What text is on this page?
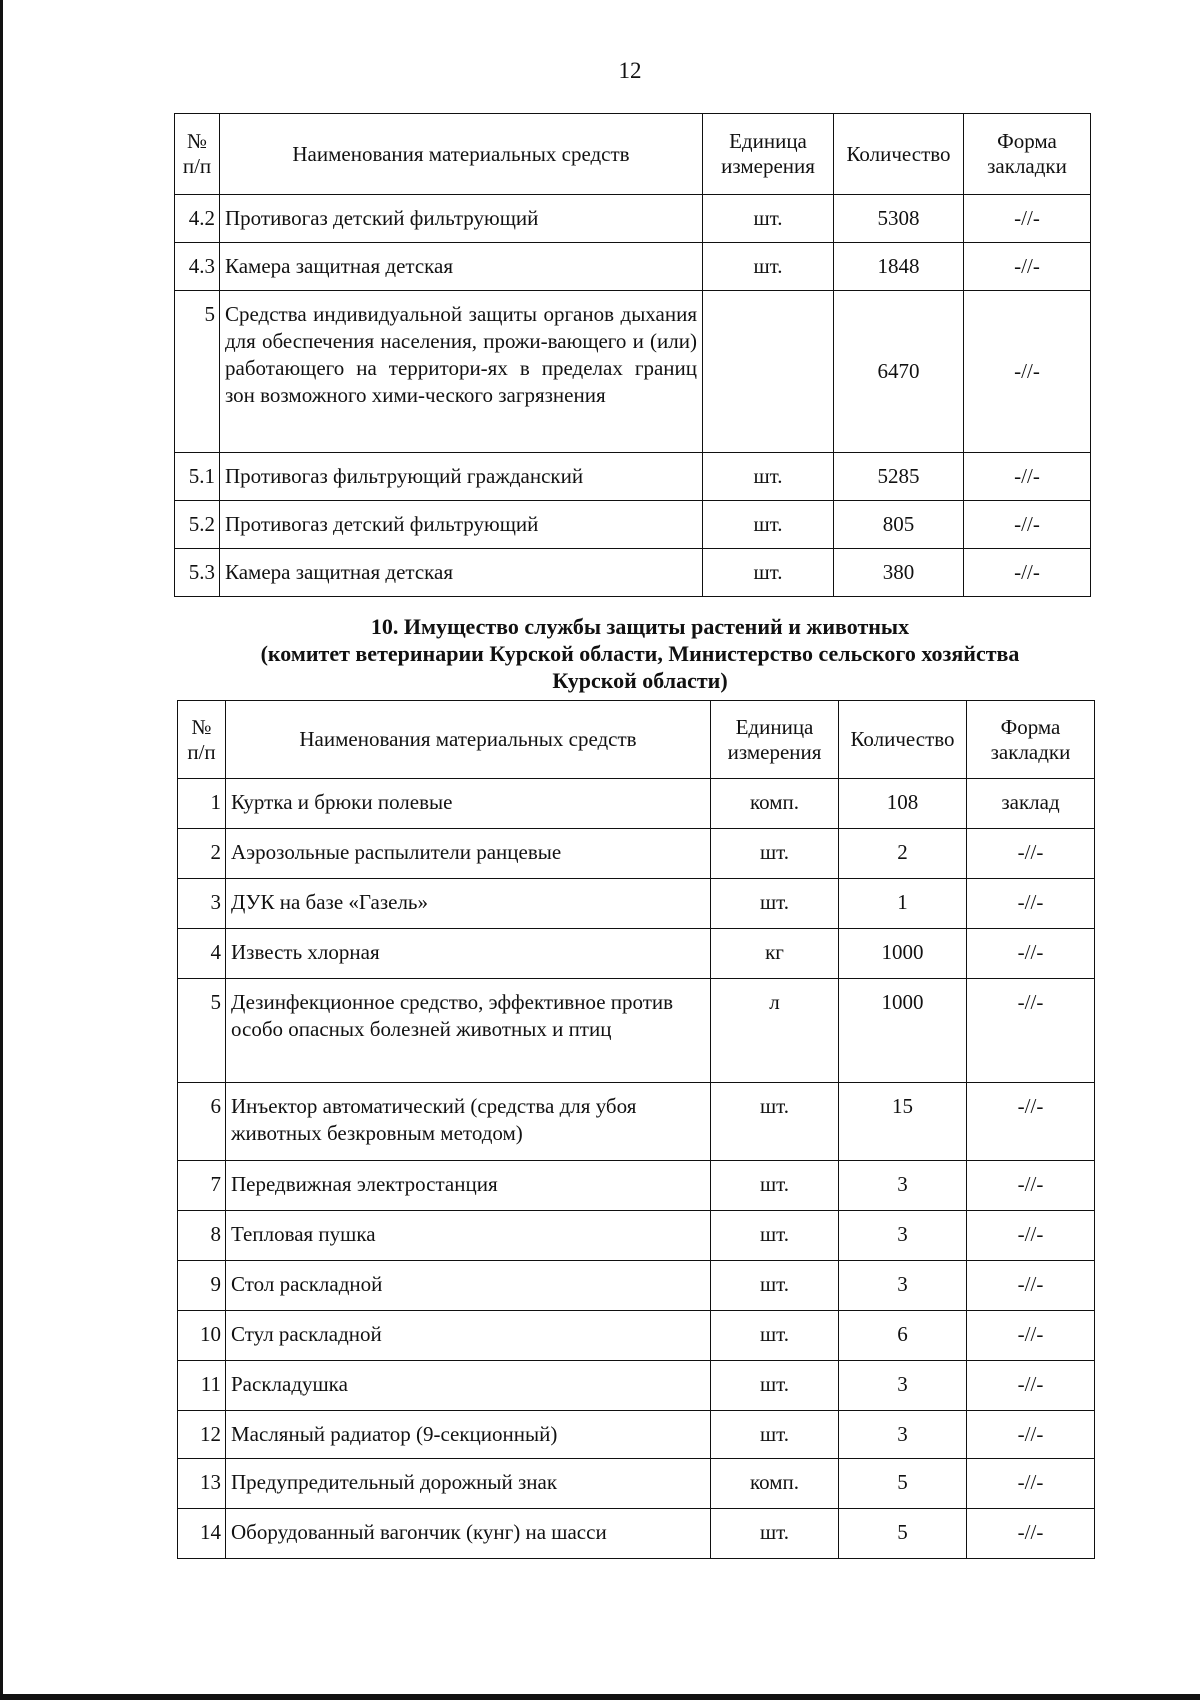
12
№ п/п	Наименования материальных средств	Единица измерения	Количество	Форма закладки
4.2	Противогаз детский фильтрующий	шт.	5308	-//-
4.3	Камера защитная детская	шт.	1848	-//-
5	Средства индивидуальной защиты органов дыхания для обеспечения населения, прожи-вающего и (или) работающего на территори-ях в пределах границ зон возможного хими-ческого загрязнения		6470	-//-
5.1	Противогаз фильтрующий гражданский	шт.	5285	-//-
5.2	Противогаз детский фильтрующий	шт.	805	-//-
5.3	Камера защитная детская	шт.	380	-//-
10. Имущество службы защиты растений и животных
(комитет ветеринарии Курской области, Министерство сельского хозяйства
Курской области)
№ п/п	Наименования материальных средств	Единица измерения	Количество	Форма закладки
1	Куртка и брюки полевые	комп.	108	заклад
2	Аэрозольные распылители ранцевые	шт.	2	-//-
3	ДУК на базе «Газель»	шт.	1	-//-
4	Известь хлорная	кг	1000	-//-
5	Дезинфекционное средство, эффективное против особо опасных болезней животных и птиц	л	1000	-//-
6	Инъектор автоматический (средства для убоя животных безкровным методом)	шт.	15	-//-
7	Передвижная электростанция	шт.	3	-//-
8	Тепловая пушка	шт.	3	-//-
9	Стол раскладной	шт.	3	-//-
10	Стул раскладной	шт.	6	-//-
11	Раскладушка	шт.	3	-//-
12	Масляный радиатор (9-секционный)	шт.	3	-//-
13	Предупредительный дорожный знак	комп.	5	-//-
14	Оборудованный вагончик (кунг) на шасси	шт.	5	-//-
